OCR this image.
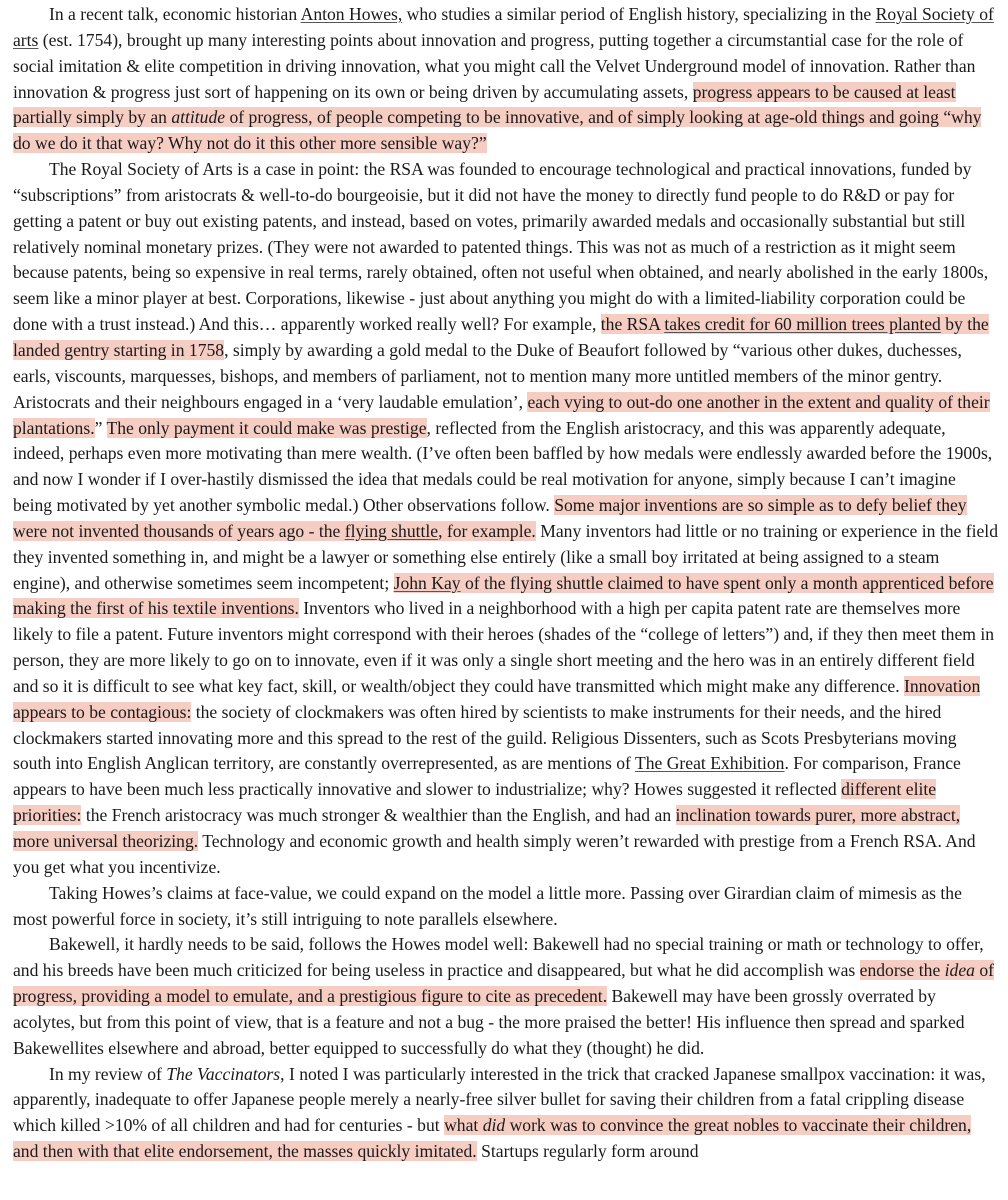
In a recent talk, economic historian Anton Howes, who studies a similar period of English history, specializing in the Royal Society of arts (est. 1754), brought up many interesting points about innovation and progress, putting together a circumstantial case for the role of social imitation & elite competition in driving innovation, what you might call the Velvet Underground model of innovation. Rather than innovation & progress just sort of happening on its own or being driven by accumulating assets, progress appears to be caused at least partially simply by an attitude of progress, of people competing to be innovative, and of simply looking at age-old things and going “why do we do it that way? Why not do it this other more sensible way?”

The Royal Society of Arts is a case in point: the RSA was founded to encourage technological and practical innovations, funded by “subscriptions” from aristocrats & well-to-do bourgeoisie, but it did not have the money to directly fund people to do R&D or pay for getting a patent or buy out existing patents, and instead, based on votes, primarily awarded medals and occasionally substantial but still relatively nominal monetary prizes. (They were not awarded to patented things. This was not as much of a restriction as it might seem because patents, being so expensive in real terms, rarely obtained, often not useful when obtained, and nearly abolished in the early 1800s, seem like a minor player at best. Corporations, likewise - just about anything you might do with a limited-liability corporation could be done with a trust instead.) And this… apparently worked really well? For example, the RSA takes credit for 60 million trees planted by the landed gentry starting in 1758, simply by awarding a gold medal to the Duke of Beaufort followed by “various other dukes, duchesses, earls, viscounts, marquesses, bishops, and members of parliament, not to mention many more untitled members of the minor gentry. Aristocrats and their neighbours engaged in a ‘very laudable emulation’, each vying to out-do one another in the extent and quality of their plantations.” The only payment it could make was prestige, reflected from the English aristocracy, and this was apparently adequate, indeed, perhaps even more motivating than mere wealth. (I’ve often been baffled by how medals were endlessly awarded before the 1900s, and now I wonder if I over-hastily dismissed the idea that medals could be real motivation for anyone, simply because I can’t imagine being motivated by yet another symbolic medal.) Other observations follow. Some major inventions are so simple as to defy belief they were not invented thousands of years ago - the flying shuttle, for example. Many inventors had little or no training or experience in the field they invented something in, and might be a lawyer or something else entirely (like a small boy irritated at being assigned to a steam engine), and otherwise sometimes seem incompetent; John Kay of the flying shuttle claimed to have spent only a month apprenticed before making the first of his textile inventions. Inventors who lived in a neighborhood with a high per capita patent rate are themselves more likely to file a patent. Future inventors might correspond with their heroes (shades of the “college of letters”) and, if they then meet them in person, they are more likely to go on to innovate, even if it was only a single short meeting and the hero was in an entirely different field and so it is difficult to see what key fact, skill, or wealth/object they could have transmitted which might make any difference. Innovation appears to be contagious: the society of clockmakers was often hired by scientists to make instruments for their needs, and the hired clockmakers started innovating more and this spread to the rest of the guild. Religious Dissenters, such as Scots Presbyterians moving south into English Anglican territory, are constantly overrepresented, as are mentions of The Great Exhibition. For comparison, France appears to have been much less practically innovative and slower to industrialize; why? Howes suggested it reflected different elite priorities: the French aristocracy was much stronger & wealthier than the English, and had an inclination towards purer, more abstract, more universal theorizing. Technology and economic growth and health simply weren’t rewarded with prestige from a French RSA. And you get what you incentivize.

Taking Howes’s claims at face-value, we could expand on the model a little more. Passing over Girardian claim of mimesis as the most powerful force in society, it’s still intriguing to note parallels elsewhere.

Bakewell, it hardly needs to be said, follows the Howes model well: Bakewell had no special training or math or technology to offer, and his breeds have been much criticized for being useless in practice and disappeared, but what he did accomplish was endorse the idea of progress, providing a model to emulate, and a prestigious figure to cite as precedent. Bakewell may have been grossly overrated by acolytes, but from this point of view, that is a feature and not a bug - the more praised the better! His influence then spread and sparked Bakewellites elsewhere and abroad, better equipped to successfully do what they (thought) he did.

In my review of The Vaccinators, I noted I was particularly interested in the trick that cracked Japanese smallpox vaccination: it was, apparently, inadequate to offer Japanese people merely a nearly-free silver bullet for saving their children from a fatal crippling disease which killed >10% of all children and had for centuries - but what did work was to convince the great nobles to vaccinate their children, and then with that elite endorsement, the masses quickly imitated. Startups regularly form around
